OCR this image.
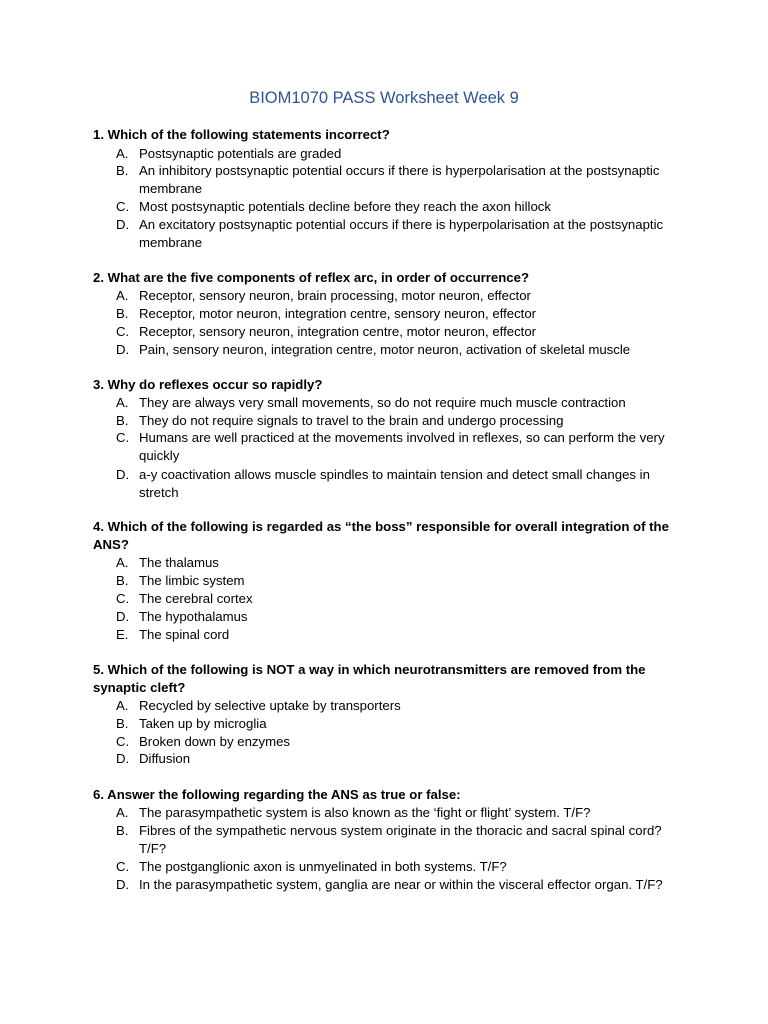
BIOM1070 PASS Worksheet Week 9
1. Which of the following statements incorrect?
A. Postsynaptic potentials are graded
B. An inhibitory postsynaptic potential occurs if there is hyperpolarisation at the postsynaptic membrane
C. Most postsynaptic potentials decline before they reach the axon hillock
D. An excitatory postsynaptic potential occurs if there is hyperpolarisation at the postsynaptic membrane
2. What are the five components of reflex arc, in order of occurrence?
A. Receptor, sensory neuron, brain processing, motor neuron, effector
B. Receptor, motor neuron, integration centre, sensory neuron, effector
C. Receptor, sensory neuron, integration centre, motor neuron, effector
D. Pain, sensory neuron, integration centre, motor neuron, activation of skeletal muscle
3. Why do reflexes occur so rapidly?
A. They are always very small movements, so do not require much muscle contraction
B. They do not require signals to travel to the brain and undergo processing
C. Humans are well practiced at the movements involved in reflexes, so can perform the very quickly
D. a-y coactivation allows muscle spindles to maintain tension and detect small changes in stretch
4. Which of the following is regarded as “the boss” responsible for overall integration of the ANS?
A. The thalamus
B. The limbic system
C. The cerebral cortex
D. The hypothalamus
E. The spinal cord
5. Which of the following is NOT a way in which neurotransmitters are removed from the synaptic cleft?
A. Recycled by selective uptake by transporters
B. Taken up by microglia
C. Broken down by enzymes
D. Diffusion
6. Answer the following regarding the ANS as true or false:
A. The parasympathetic system is also known as the ‘fight or flight’ system. T/F?
B. Fibres of the sympathetic nervous system originate in the thoracic and sacral spinal cord? T/F?
C. The postganglionic axon is unmyelinated in both systems. T/F?
D. In the parasympathetic system, ganglia are near or within the visceral effector organ. T/F?
